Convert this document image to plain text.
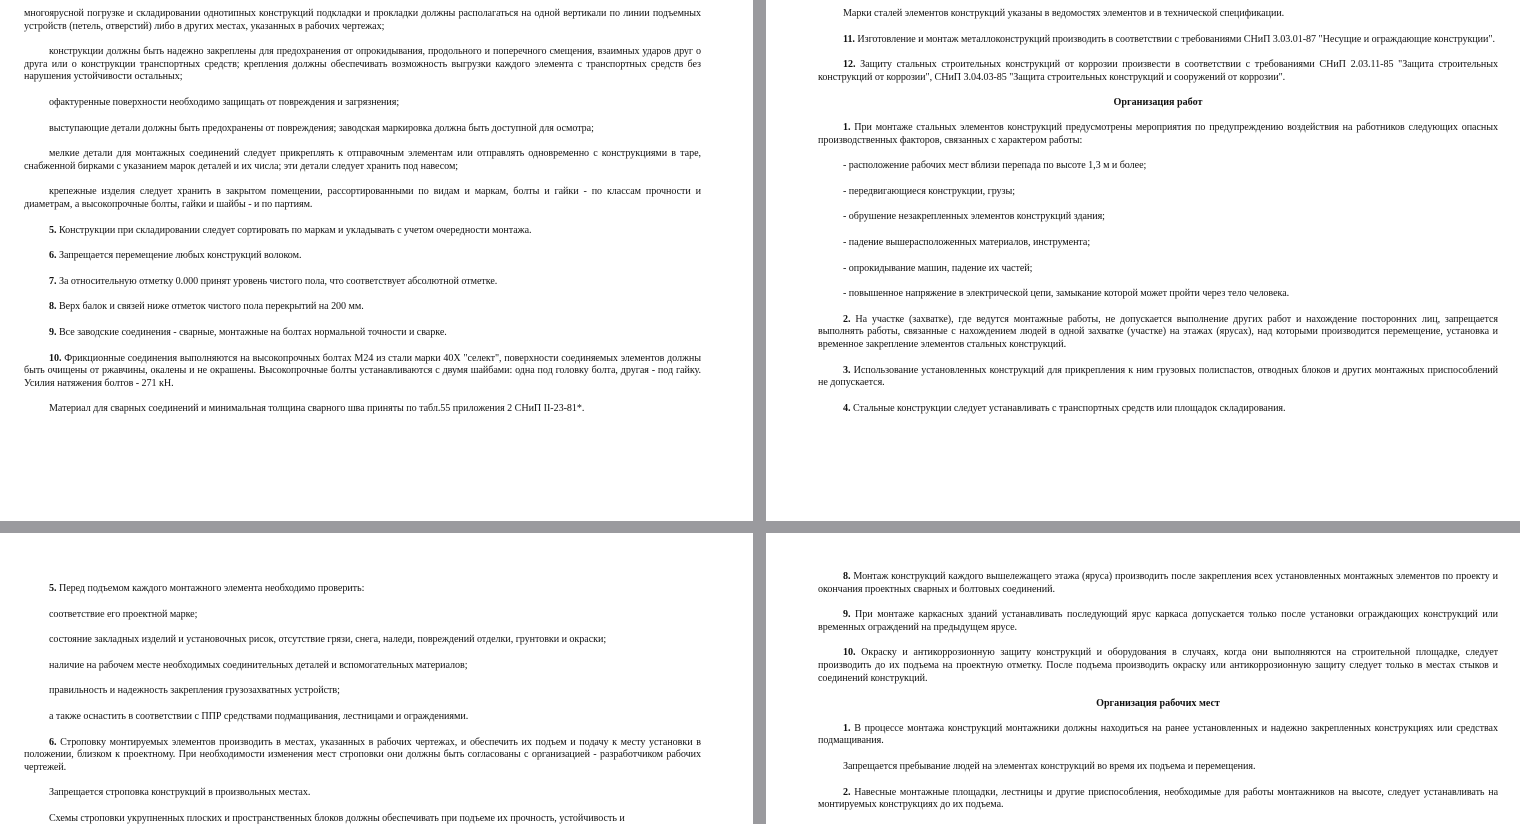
многоярусной погрузке и складировании однотипных конструкций подкладки и прокладки должны располагаться на одной вертикали по линии подъемных устройств (петель, отверстий) либо в других местах, указанных в рабочих чертежах;

конструкции должны быть надежно закреплены для предохранения от опрокидывания, продольного и поперечного смещения, взаимных ударов друг о друга или о конструкции транспортных средств; крепления должны обеспечивать возможность выгрузки каждого элемента с транспортных средств без нарушения устойчивости остальных;

офактуренные поверхности необходимо защищать от повреждения и загрязнения;

выступающие детали должны быть предохранены от повреждения; заводская маркировка должна быть доступной для осмотра;

мелкие детали для монтажных соединений следует прикреплять к отправочным элементам или отправлять одновременно с конструкциями в таре, снабженной бирками с указанием марок деталей и их числа; эти детали следует хранить под навесом;

крепежные изделия следует хранить в закрытом помещении, рассортированными по видам и маркам, болты и гайки - по классам прочности и диаметрам, а высокопрочные болты, гайки и шайбы - и по партиям.

5. Конструкции при складировании следует сортировать по маркам и укладывать с учетом очередности монтажа.

6. Запрещается перемещение любых конструкций волоком.

7. За относительную отметку 0.000 принят уровень чистого пола, что соответствует абсолютной отметке.

8. Верх балок и связей ниже отметок чистого пола перекрытий на 200 мм.

9. Все заводские соединения - сварные, монтажные на болтах нормальной точности и сварке.

10. Фрикционные соединения выполняются на высокопрочных болтах М24 из стали марки 40Х "селект", поверхности соединяемых элементов должны быть очищены от ржавчины, окалены и не окрашены. Высокопрочные болты устанавливаются с двумя шайбами: одна под головку болта, другая - под гайку. Усилия натяжения болтов - 271 кН.

Материал для сварных соединений и минимальная толщина сварного шва приняты по табл.55 приложения 2 СНиП II-23-81*.

Марки сталей элементов конструкций указаны в ведомостях элементов и в технической спецификации.

11. Изготовление и монтаж металлоконструкций производить в соответствии с требованиями СНиП 3.03.01-87 "Несущие и ограждающие конструкции".

12. Защиту стальных строительных конструкций от коррозии произвести в соответствии с требованиями СНиП 2.03.11-85 "Защита строительных конструкций от коррозии", СНиП 3.04.03-85 "Защита строительных конструкций и сооружений от коррозии".

Организация работ

1. При монтаже стальных элементов конструкций предусмотрены мероприятия по предупреждению воздействия на работников следующих опасных производственных факторов, связанных с характером работы:

- расположение рабочих мест вблизи перепада по высоте 1,3 м и более;

- передвигающиеся конструкции, грузы;

- обрушение незакрепленных элементов конструкций здания;

- падение вышерасположенных материалов, инструмента;

- опрокидывание машин, падение их частей;

- повышенное напряжение в электрической цепи, замыкание которой может пройти через тело человека.

2. На участке (захватке), где ведутся монтажные работы, не допускается выполнение других работ и нахождение посторонних лиц, запрещается выполнять работы, связанные с нахождением людей в одной захватке (участке) на этажах (ярусах), над которыми производится перемещение, установка и временное закрепление элементов стальных конструкций.

3. Использование установленных конструкций для прикрепления к ним грузовых полиспастов, отводных блоков и других монтажных приспособлений не допускается.

4. Стальные конструкции следует устанавливать с транспортных средств или площадок складирования.

5. Перед подъемом каждого монтажного элемента необходимо проверить:

соответствие его проектной марке;

состояние закладных изделий и установочных рисок, отсутствие грязи, снега, наледи, повреждений отделки, грунтовки и окраски;

наличие на рабочем месте необходимых соединительных деталей и вспомогательных материалов;

правильность и надежность закрепления грузозахватных устройств;

а также оснастить в соответствии с ППР средствами подмащивания, лестницами и ограждениями.

6. Строповку монтируемых элементов производить в местах, указанных в рабочих чертежах, и обеспечить их подъем и подачу к месту установки в положении, близком к проектному. При необходимости изменения мест строповки они должны быть согласованы с организацией - разработчиком рабочих чертежей.

Запрещается строповка конструкций в произвольных местах.

Схемы строповки укрупненных плоских и пространственных блоков должны обеспечивать при подъеме их прочность, устойчивость и

8. Монтаж конструкций каждого вышележащего этажа (яруса) производить после закрепления всех установленных монтажных элементов по проекту и окончания проектных сварных и болтовых соединений.

9. При монтаже каркасных зданий устанавливать последующий ярус каркаса допускается только после установки ограждающих конструкций или временных ограждений на предыдущем ярусе.

10. Окраску и антикоррозионную защиту конструкций и оборудования в случаях, когда они выполняются на строительной площадке, следует производить до их подъема на проектную отметку. После подъема производить окраску или антикоррозионную защиту следует только в местах стыков и соединений конструкций.

Организация рабочих мест

1. В процессе монтажа конструкций монтажники должны находиться на ранее установленных и надежно закрепленных конструкциях или средствах подмащивания.

Запрещается пребывание людей на элементах конструкций во время их подъема и перемещения.

2. Навесные монтажные площадки, лестницы и другие приспособления, необходимые для работы монтажников на высоте, следует устанавливать на монтируемых конструкциях до их подъема.
